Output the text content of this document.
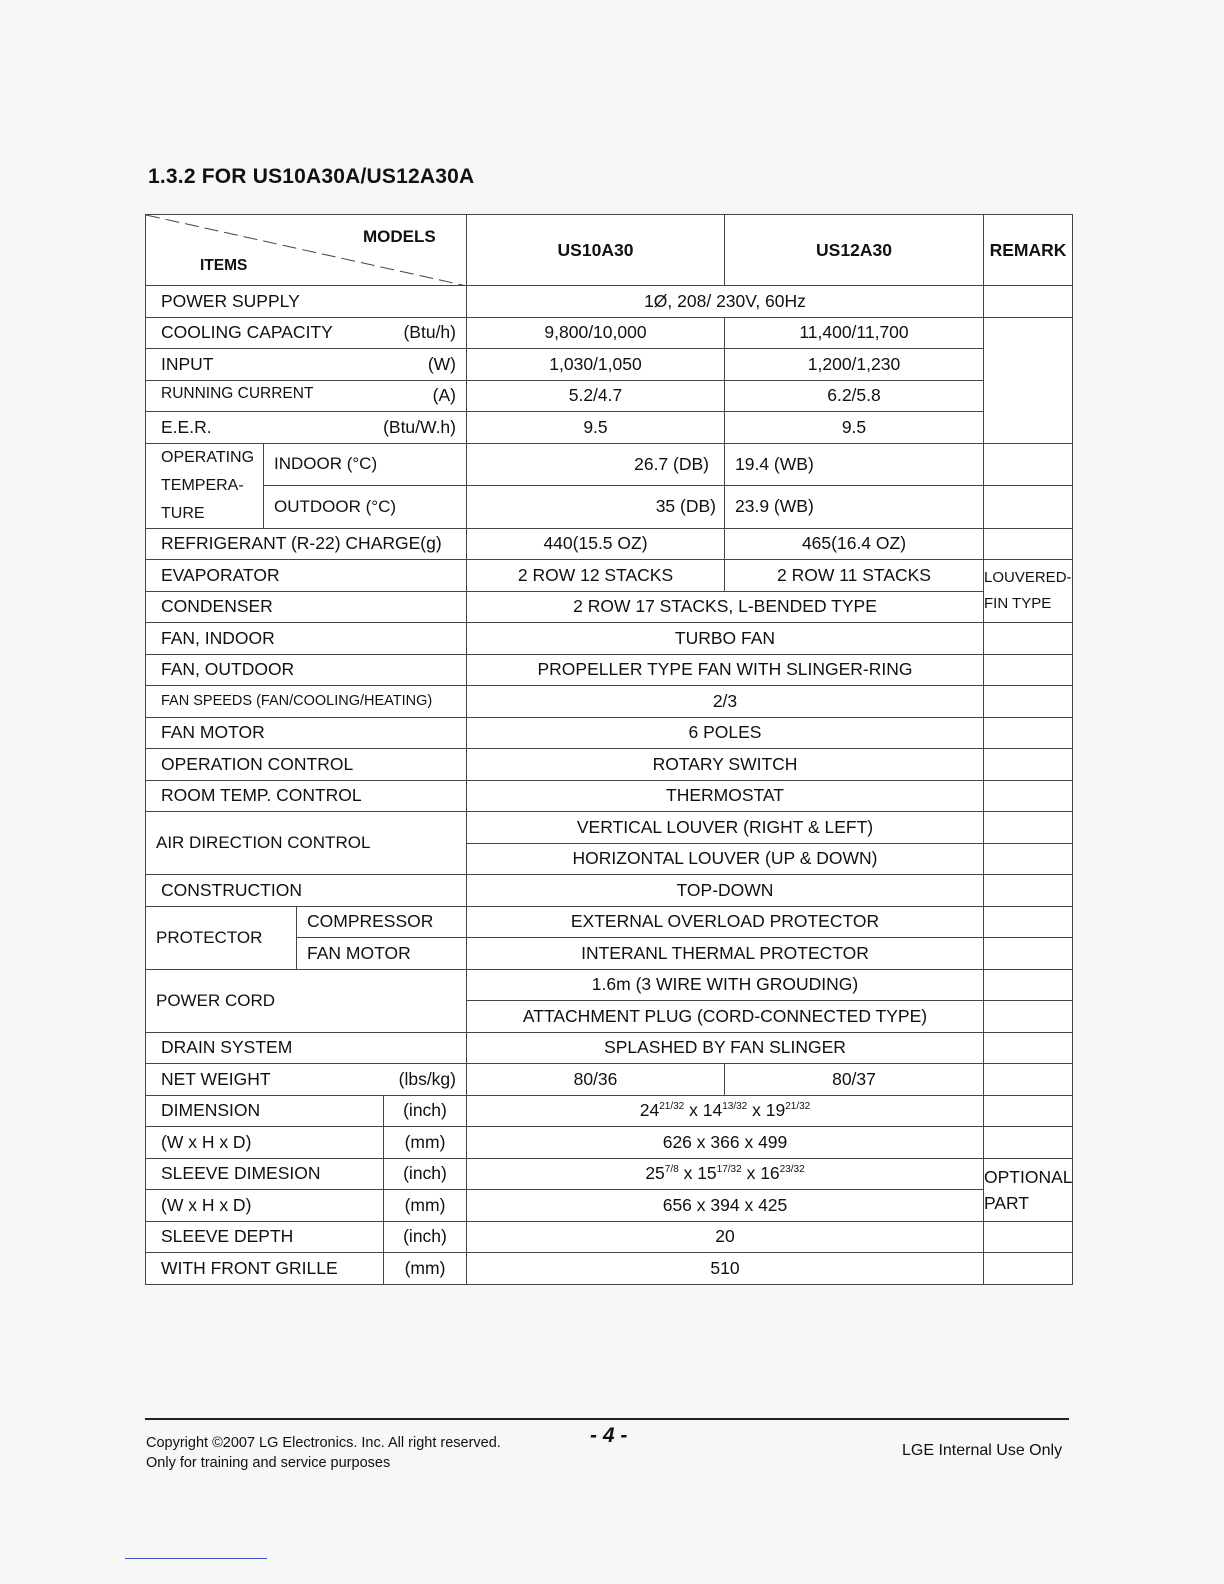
1.3.2 FOR US10A30A/US12A30A
MODELS
ITEMS				US10A30	US12A30	REMARK
POWER SUPPLY				1Ø, 208/ 230V, 60Hz		

COOLING CAPACITY (Btu/h)				9,800/10,000	11,400/11,700	

INPUT (W)				1,030/1,050	1,200/1,230	

RUNNING CURRENT (A)				5.2/4.7	6.2/5.8	

E.E.R. (Btu/W.h)				9.5	9.5	

OPERATING
TEMPERA-TURE	INDOOR (°C)			26.7 (DB)	19.4 (WB)	
	OUTDOOR (°C)			35 (DB)	23.9 (WB)	
REFRIGERANT (R-22) CHARGE(g)				440(15.5 OZ)	465(16.4 OZ)	
EVAPORATOR				2 ROW 12 STACKS	2 ROW 11 STACKS	LOUVERED-
FIN TYPE

CONDENSER				2 ROW 17 STACKS, L-BENDED TYPE		
FAN, INDOOR				TURBO FAN		
FAN, OUTDOOR				PROPELLER TYPE FAN WITH SLINGER-RING		
FAN SPEEDS (FAN/COOLING/HEATING)				2/3		
FAN MOTOR				6 POLES		
OPERATION CONTROL				ROTARY SWITCH		
ROOM TEMP. CONTROL				THERMOSTAT		
AIR DIRECTION CONTROL				VERTICAL LOUVER (RIGHT & LEFT)		
				HORIZONTAL LOUVER (UP & DOWN)		
CONSTRUCTION				TOP-DOWN		
PROTECTOR		COMPRESSOR		EXTERNAL OVERLOAD PROTECTOR		
		FAN MOTOR		INTERANL THERMAL PROTECTOR		
POWER CORD				1.6m (3 WIRE WITH GROUDING)		
				ATTACHMENT PLUG (CORD-CONNECTED TYPE)		
DRAIN SYSTEM				SPLASHED BY FAN SLINGER		

NET WEIGHT (lbs/kg)				80/36	80/37	
DIMENSION			(inch)	$24^{21/32}$ x $14^{13/32}$ x $19^{21/32}$	
(W x H x D)			(mm)	626 x 366 x 499		
SLEEVE DIMESION			(inch)	$25^{7/8}$ x $15^{17/32}$ x $16^{23/32}$		OPTIONAL
PART

(W x H x D)			(mm)	656 x 394 x 425		
SLEEVE DEPTH			(inch)	20		
WITH FRONT GRILLE			(mm)	510		
Copyright ©2007 LG Electronics. Inc. All right reserved.
Only for training and service purposes
- 4 -
LGE Internal Use Only
